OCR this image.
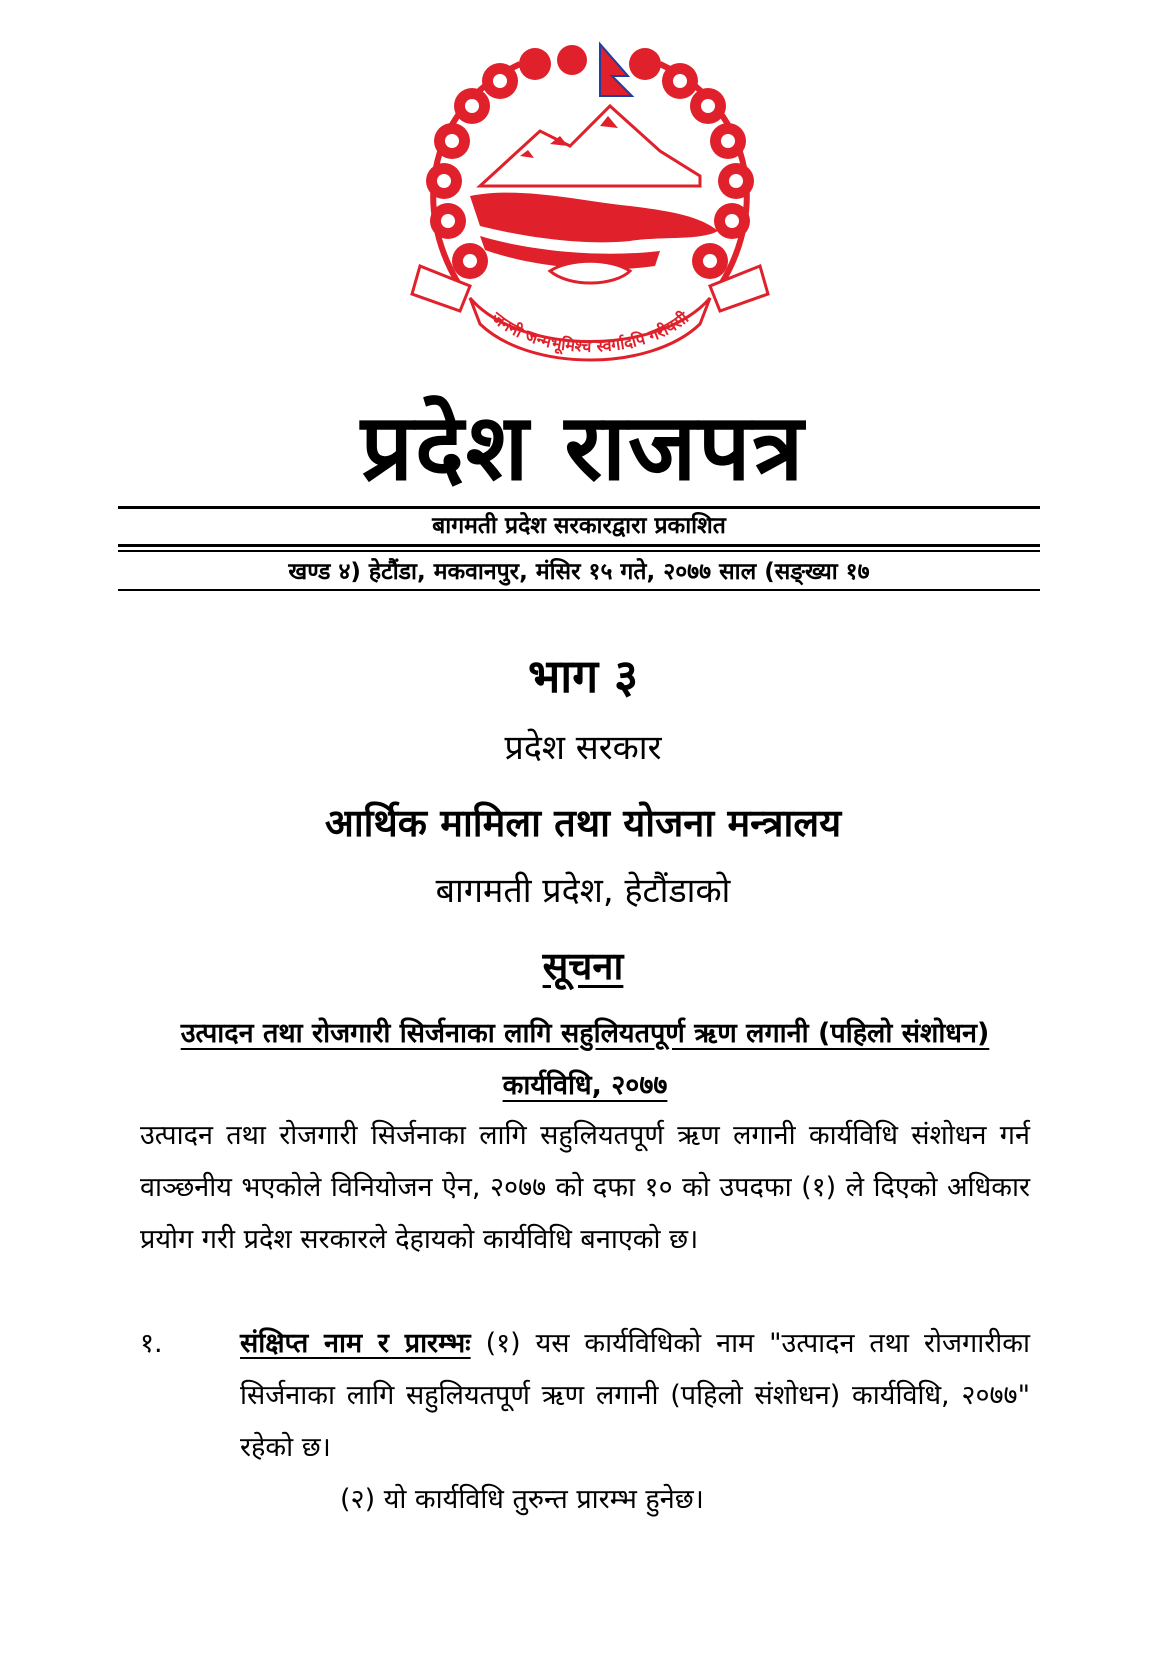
जननी जन्मभूमिश्च स्वर्गादपि गरीयसी
प्रदेश राजपत्र
बागमती प्रदेश सरकारद्वारा प्रकाशित
खण्ड ४) हेटौंडा, मकवानपुर, मंसिर १५ गते, २०७७ साल (सङ्ख्या १७
भाग ३
प्रदेश सरकार
आर्थिक मामिला तथा योजना मन्त्रालय
बागमती प्रदेश, हेटौंडाको
सूचना
उत्पादन तथा रोजगारी सिर्जनाका लागि सहुलियतपूर्ण ऋण लगानी (पहिलो संशोधन) कार्यविधि, २०७७
उत्पादन तथा रोजगारी सिर्जनाका लागि सहुलियतपूर्ण ऋण लगानी कार्यविधि संशोधन गर्न वाञ्छनीय भएकोले विनियोजन ऐन, २०७७ को दफा १० को उपदफा (१) ले दिएको अधिकार प्रयोग गरी प्रदेश सरकारले देहायको कार्यविधि बनाएको छ।
१.	संक्षिप्त नाम र प्रारम्भः (१) यस कार्यविधिको नाम "उत्पादन तथा रोजगारीका सिर्जनाका लागि सहुलियतपूर्ण ऋण लगानी (पहिलो संशोधन) कार्यविधि, २०७७" रहेको छ।
(२) यो कार्यविधि तुरुन्त प्रारम्भ हुनेछ।
